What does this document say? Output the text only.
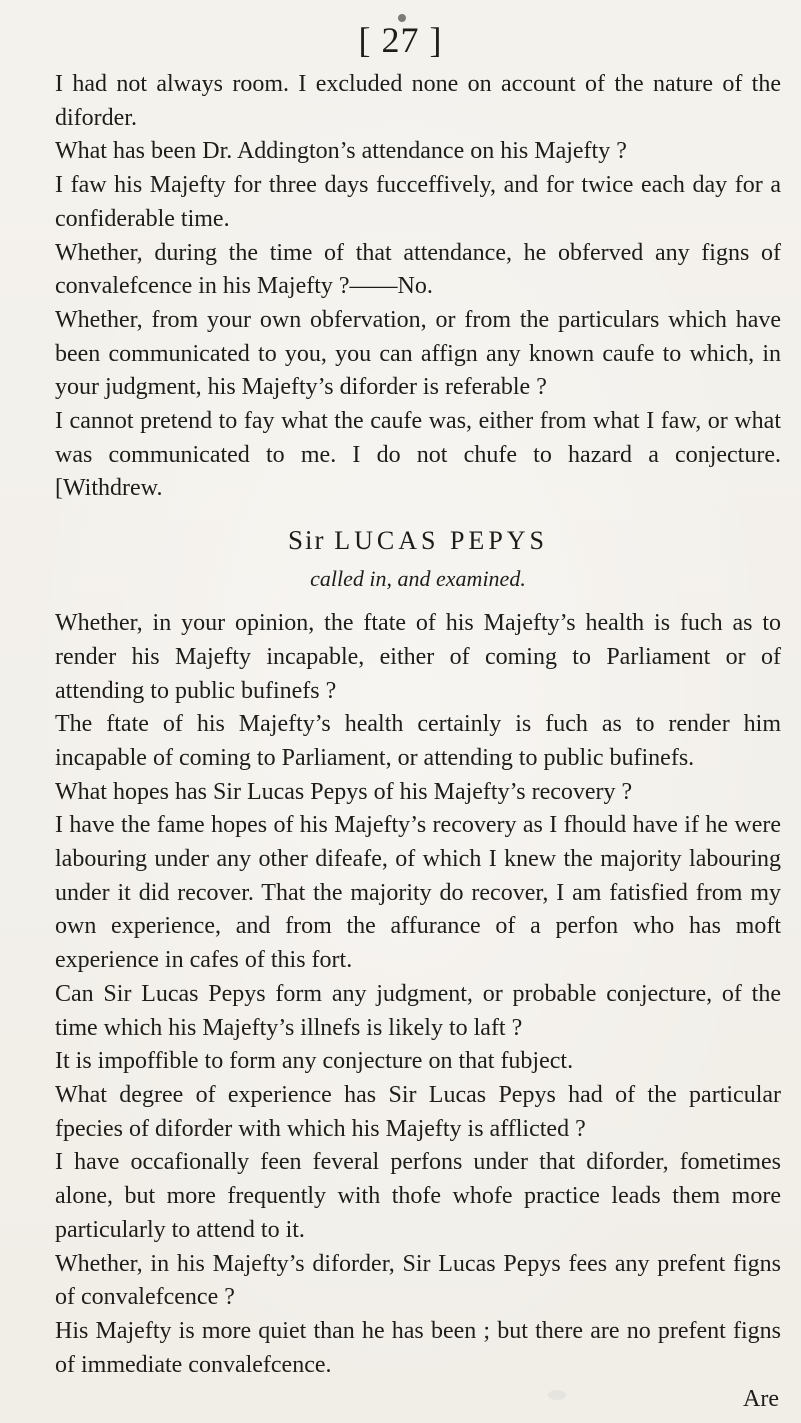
[ 27 ]

I had not always room. I excluded none on account of the nature of the diforder.

What has been Dr. Addington’s attendance on his Majefty ?

I faw his Majefty for three days fucceffively, and for twice each day for a confiderable time.

Whether, during the time of that attendance, he obferved any figns of convalefcence in his Majefty ?——No.

Whether, from your own obfervation, or from the particulars which have been communicated to you, you can affign any known caufe to which, in your judgment, his Majefty’s diforder is referable ?

I cannot pretend to fay what the caufe was, either from what I faw, or what was communicated to me. I do not chufe to hazard a conjecture. [Withdrew.

Sir LUCAS PEPYS
called in, and examined.

Whether, in your opinion, the ftate of his Majefty’s health is fuch as to render his Majefty incapable, either of coming to Parliament or of attending to public bufinefs ?

The ftate of his Majefty’s health certainly is fuch as to render him incapable of coming to Parliament, or attending to public bufinefs.

What hopes has Sir Lucas Pepys of his Majefty’s recovery ?

I have the fame hopes of his Majefty’s recovery as I fhould have if he were labouring under any other difeafe, of which I knew the majority labouring under it did recover. That the majority do recover, I am fatisfied from my own experience, and from the affurance of a perfon who has moft experience in cafes of this fort.

Can Sir Lucas Pepys form any judgment, or probable conjecture, of the time which his Majefty’s illnefs is likely to laft ?

It is impoffible to form any conjecture on that fubject.

What degree of experience has Sir Lucas Pepys had of the particular fpecies of diforder with which his Majefty is afflicted ?

I have occafionally feen feveral perfons under that diforder, fometimes alone, but more frequently with thofe whofe practice leads them more particularly to attend to it.

Whether, in his Majefty’s diforder, Sir Lucas Pepys fees any prefent figns of convalefcence ?

His Majefty is more quiet than he has been ; but there are no prefent figns of immediate convalefcence.

Are
